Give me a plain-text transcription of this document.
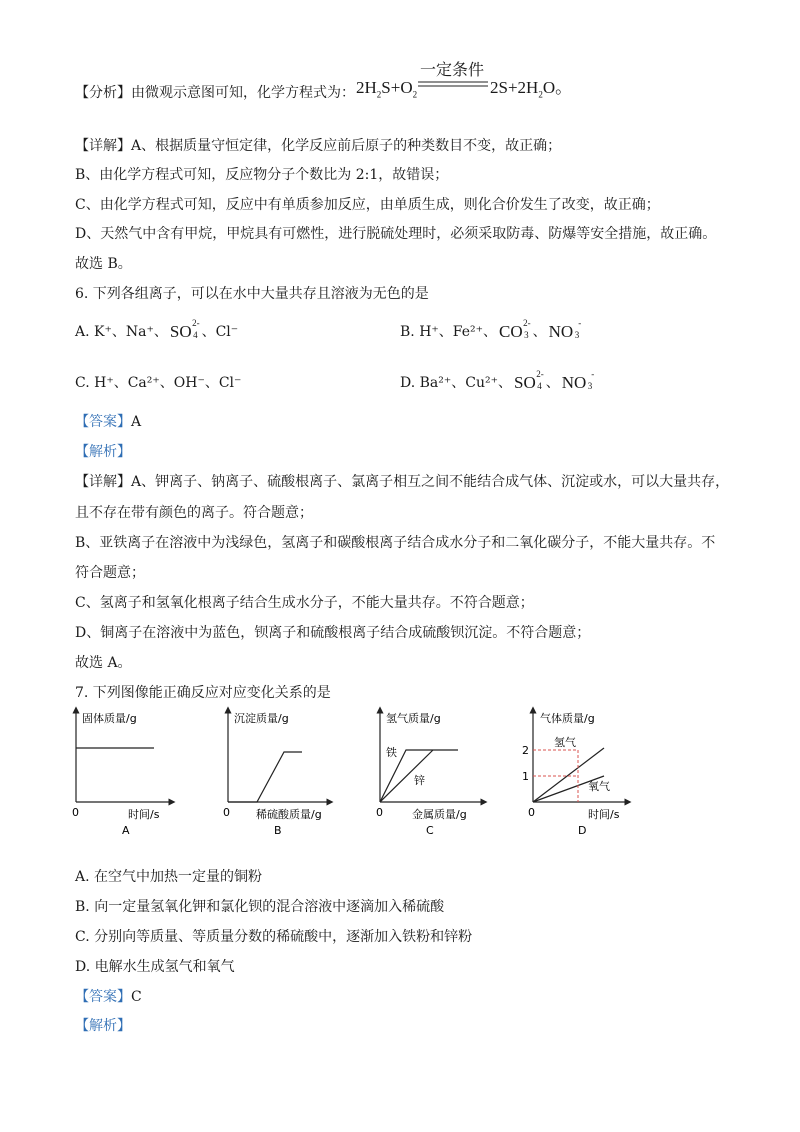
【分析】由微观示意图可知，化学方程式为： $2H_2S+O_2$
一定条件
$2S+2H_2O$。
【详解】A、根据质量守恒定律，化学反应前后原子的种类数目不变，故正确；
B、由化学方程式可知，反应物分子个数比为 2:1，故错误；
C、由化学方程式可知，反应中有单质参加反应，由单质生成，则化合价发生了改变，故正确；
D、天然气中含有甲烷，甲烷具有可燃性，进行脱硫处理时，必须采取防毒、防爆等安全措施，故正确。
故选 B。
6. 下列各组离子，可以在水中大量共存且溶液为无色的是
A. K⁺、Na⁺、 SO 2-
4 、Cl⁻	B. H⁺、Fe²⁺、 CO 2-
3 、 NO -
3
C. H⁺、Ca²⁺、OH⁻、Cl⁻	D. Ba²⁺、Cu²⁺、 SO 2-
4 、 NO -
3
【答案】A
【解析】
【详解】A、钾离子、钠离子、硫酸根离子、氯离子相互之间不能结合成气体、沉淀或水，可以大量共存，
且不存在带有颜色的离子。符合题意；
B、亚铁离子在溶液中为浅绿色，氢离子和碳酸根离子结合成水分子和二氧化碳分子，不能大量共存。不
符合题意；
C、氢离子和氢氧化根离子结合生成水分子，不能大量共存。不符合题意；
D、铜离子在溶液中为蓝色，钡离子和硫酸根离子结合成硫酸钡沉淀。不符合题意；
故选 A。
7. 下列图像能正确反应对应变化关系的是
固体质量/g
时间/s
0
A
沉淀质量/g
稀硫酸质量/g
0
B
氢气质量/g
铁
锌
金属质量/g
0
C
气体质量/g
2
1
氢气
氧气
时间/s
0
D
A. 在空气中加热一定量的铜粉
B. 向一定量氢氧化钾和氯化钡的混合溶液中逐滴加入稀硫酸
C. 分别向等质量、等质量分数的稀硫酸中，逐渐加入铁粉和锌粉
D. 电解水生成氢气和氧气
【答案】C
【解析】
